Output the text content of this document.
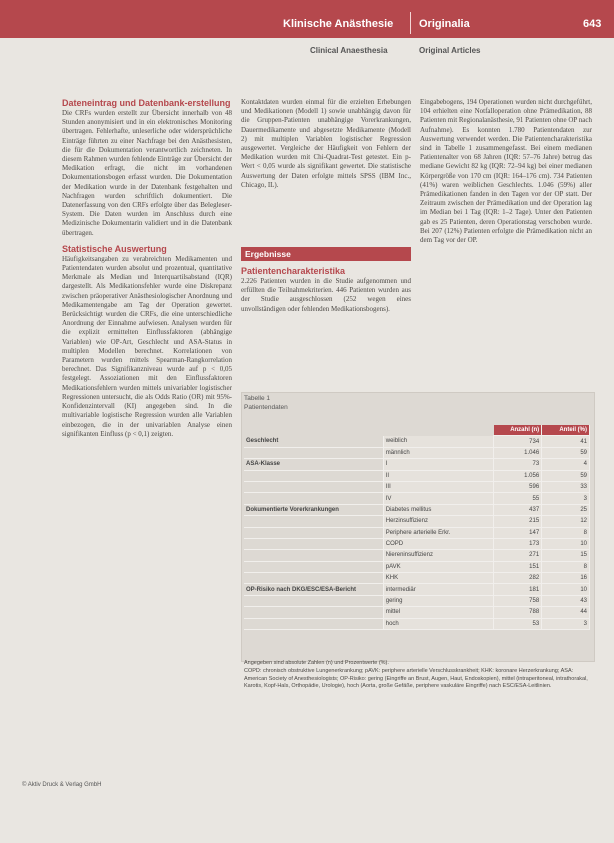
Klinische Anästhesie Originalia	643
Clinical Anaesthesia	Original Articles

Dateneintrag und Datenbank-erstellung

Die CRFs wurden erstellt zur Übersicht innerhalb von 48 Stunden anonymisiert und in ein elektronisches Monitoring übertragen. Fehlerhafte, unleserliche oder widersprüchliche Einträge führten zu einer Nachfrage bei den Anästhesisten, die für die Dokumentation verantwortlich zeichneten. In diesem Rahmen wurden fehlende Einträge zur Übersicht der Medikation erfragt, die nicht im vorhandenen Dokumentationsbogen erfasst wurden. Die Dokumentation der Medikation wurde in der Datenbank festgehalten und Nachfragen wurden schriftlich dokumentiert. Die Datenerfassung von den CRFs erfolgte über das Belegleser-System. Die Daten wurden im Anschluss durch eine Medizinische Dokumentarin validiert und in die Datenbank übertragen.

Statistische Auswertung

Häufigkeitsangaben zu verabreichten Medikamenten und Patientendaten wurden absolut und prozentual, quantitative Merkmale als Median und Interquartilsabstand (IQR) dargestellt. Als Medikationsfehler wurde eine Diskrepanz zwischen präoperativer Anästhesiologischer Anordnung und Medikamentengabe am Tag der Operation gewertet. Berücksichtigt wurden die CRFs, die eine unterschiedliche Anordnung der Einnahme aufwiesen. Analysen wurden für die explizit ermittelten Einflussfaktoren (abhängige Variablen) wie OP-Art, Geschlecht und ASA-Status in multiplen Modellen berechnet. Korrelationen von Parametern wurden mittels Spearman-Rangkorrelation berechnet. Das Signifikanzniveau wurde auf p < 0,05 festgelegt. Assoziationen mit den Einflussfaktoren Medikationsfehlern wurden mittels univariabler logistischer Regressionen untersucht, die als Odds Ratio (OR) mit 95%-Konfidenzintervall (KI) angegeben sind. In die multivariable logistische Regression wurden alle Variablen einbezogen, die in der univariablen Analyse einen signifikanten Einfluss (p < 0,1) zeigten.

Kontaktdaten wurden einmal für die erzielten Erhebungen und Medikationen (Modell 1) sowie unabhängig davon für die Gruppen-Patienten unabhängige Vorerkrankungen, Dauermedikamente und abgesetzte Medikamente (Modell 2) mit multiplen Variablen logistischer Regression ausgewertet. Vergleiche der Häufigkeit von Fehlern der Medikation wurden mit Chi-Quadrat-Test getestet. Ein p-Wert < 0,05 wurde als signifikant gewertet. Die statistische Auswertung der Daten erfolgte mittels SPSS (IBM Inc., Chicago, IL).

Ergebnisse

Patientencharakteristika

2.226 Patienten wurden in die Studie aufgenommen und erfüllten die Teilnahmekriterien. 446 Patienten wurden aus der Studie ausgeschlossen (252 wegen eines unvollständigen oder fehlenden Medikationsbogens).

Eingabebogens, 194 Operationen wurden nicht durchgeführt, 104 erhielten eine Notfalloperation ohne Prämedikation, 88 Patienten mit Regionalanästhesie, 91 Patienten ohne OP nach Aufnahme). Es konnten 1.780 Patientendaten zur Auswertung verwendet werden. Die Patientencharakteristika sind in Tabelle 1 zusammengefasst. Bei einem medianen Patientenalter von 68 Jahren (IQR: 57–76 Jahre) betrug das mediane Gewicht 82 kg (IQR: 72–94 kg) bei einer medianen Körpergröße von 170 cm (IQR: 164–176 cm). 734 Patienten (41%) waren weiblichen Geschlechts. 1.046 (59%) aller Prämedikationen fanden in den Tagen vor der OP statt. Der Zeitraum zwischen der Prämedikation und der Operation lag im Median bei 1 Tag (IQR: 1–2 Tage). Unter den Patienten gab es 25 Patienten, deren Operationstag verschoben wurde. Bei 207 (12%) Patienten erfolgte die Prämedikation nicht an dem Tag vor der OP.

Tabelle 1
Patientendaten
		Anzahl (n)	Anteil (%)
Geschlecht	weiblich	734	41
	männlich	1.046	59
ASA-Klasse	I	73	4
	II	1.056	59
	III	596	33
	IV	55	3
Dokumentierte Vorerkrankungen	Diabetes mellitus	437	25
	Herzinsuffizienz	215	12
	Periphere arterielle Erkr.	147	8
	COPD	173	10
	Niereninsuffizienz	271	15
	pAVK	151	8
	KHK	282	16
OP-Risiko nach DKG/ESC/ESA-Bericht	intermediär	181	10
	gering	758	43
	mittel	788	44
	hoch	53	3

Angegeben sind absolute Zahlen (n) und Prozentwerte (%).

COPD: chronisch obstruktive Lungenerkrankung; pAVK: periphere arterielle Verschlusskrankheit; KHK: koronare Herzerkrankung; ASA: American Society of Anesthesiologists; OP-Risiko: gering (Eingriffe an Brust, Augen, Haut, Endoskopien), mittel (intraperitoneal, intrathorakal, Karotis, Kopf-Hals, Orthopädie, Urologie), hoch (Aorta, große Gefäße, periphere vaskuläre Eingriffe) nach ESC/ESA-Leitlinien.

© Aktiv Druck & Verlag GmbH
